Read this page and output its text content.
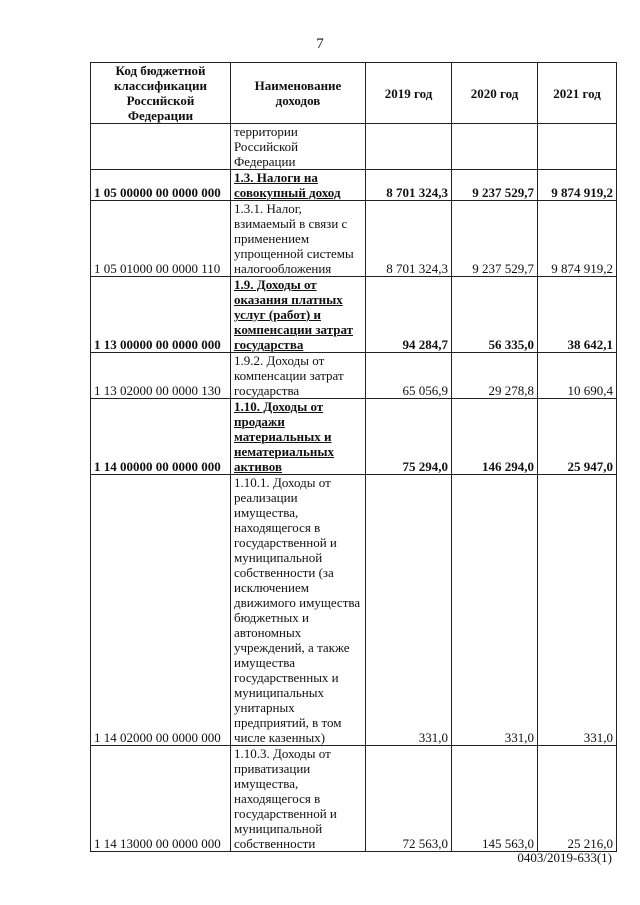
7
Код бюджетной классификации Российской Федерации	Наименование доходов	2019 год	2020 год	2021 год
	территории Российской Федерации			
1 05 00000 00 0000 000	1.3. Налоги на совокупный доход	8 701 324,3	9 237 529,7	9 874 919,2
1 05 01000 00 0000 110	1.3.1. Налог, взимаемый в связи с применением упрощенной системы налогообложения	8 701 324,3	9 237 529,7	9 874 919,2
1 13 00000 00 0000 000	1.9. Доходы от оказания платных услуг (работ) и компенсации затрат государства	94 284,7	56 335,0	38 642,1
1 13 02000 00 0000 130	1.9.2. Доходы от компенсации затрат государства	65 056,9	29 278,8	10 690,4
1 14 00000 00 0000 000	1.10. Доходы от продажи материальных и нематериальных активов	75 294,0	146 294,0	25 947,0
1 14 02000 00 0000 000	1.10.1. Доходы от реализации имущества, находящегося в государственной и муниципальной собственности (за исключением движимого имущества бюджетных и автономных учреждений, а также имущества государственных и муниципальных унитарных предприятий, в том числе казенных)	331,0	331,0	331,0
1 14 13000 00 0000 000	1.10.3. Доходы от приватизации имущества, находящегося в государственной и муниципальной собственности	72 563,0	145 563,0	25 216,0
0403/2019-633(1)
